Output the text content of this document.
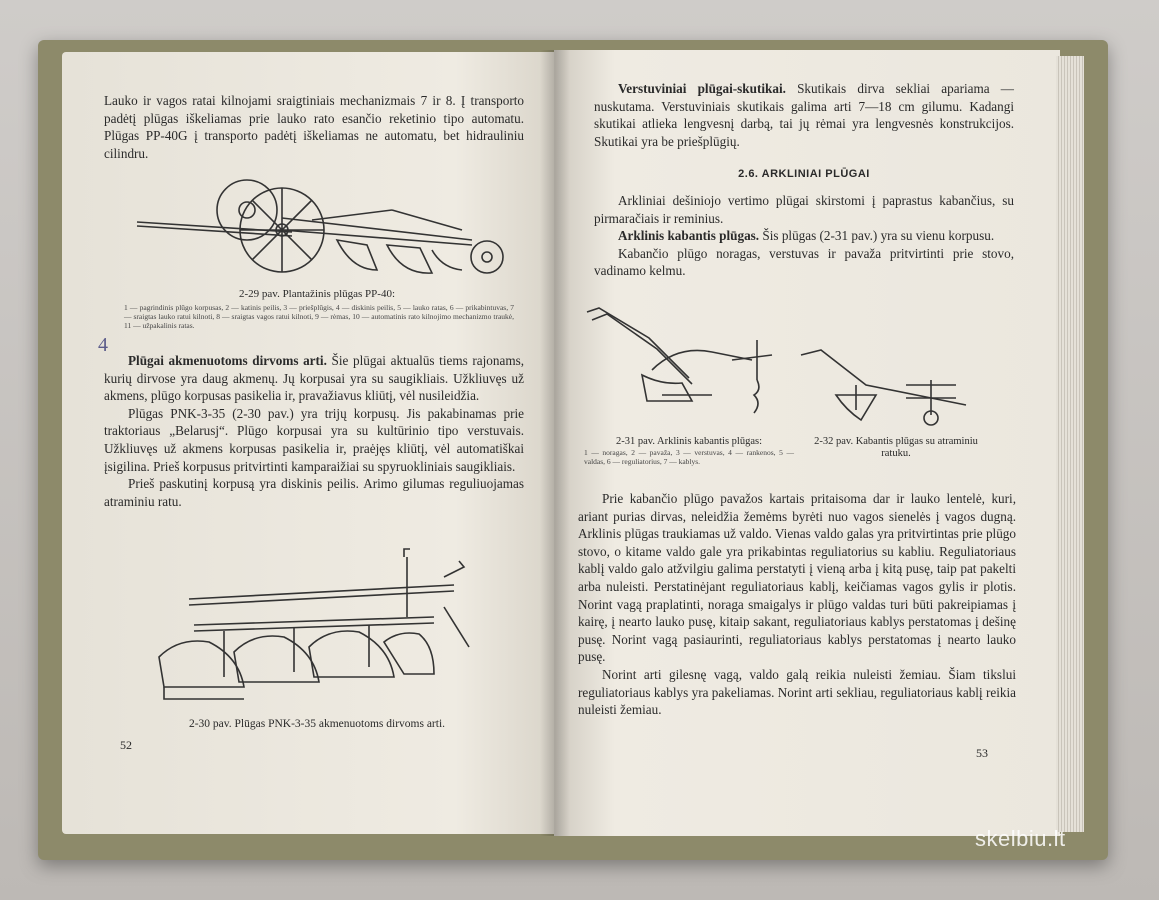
Lauko ir vagos ratai kilnojami sraigtiniais mechanizmais 7 ir 8. Į transporto padėtį plūgas iškeliamas prie lauko rato esančio reketinio tipo automatu. Plūgas PP-40G į transporto padėtį iškeliamas ne automatu, bet hidrauliniu cilindru.

2-29 pav. Plantažinis plūgas PP-40:
1 — pagrindinis plūgo korpusas, 2 — katinis peilis, 3 — priešplūgis, 4 — diskinis peilis, 5 — lauko ratas, 6 — prikabintuvas, 7 — sraigtas lauko ratui kilnoti, 8 — sraigtas vagos ratui kilnoti, 9 — rėmas, 10 — automatinis rato kilnojimo mechanizmo traukė, 11 — užpakalinis ratas.
4

Plūgai akmenuotoms dirvoms arti. Šie plūgai aktualūs tiems rajonams, kurių dirvose yra daug akmenų. Jų korpusai yra su saugikliais. Užkliuvęs už akmens, plūgo korpusas pasikelia ir, pravažiavus kliūtį, vėl nusileidžia.

Plūgas PNK-3-35 (2-30 pav.) yra trijų korpusų. Jis pakabinamas prie traktoriaus „Belarusj“. Plūgo korpusai yra su kultūrinio tipo verstuvais. Užkliuvęs už akmens korpusas pasikelia ir, praėjęs kliūtį, vėl automatiškai įsigilina. Prieš korpusus pritvirtinti kamparaižiai su spyruokliniais saugikliais.

Prieš paskutinį korpusą yra diskinis peilis. Arimo gilumas reguliuojamas atraminiu ratu.

2-30 pav. Plūgas PNK-3-35 akmenuotoms dirvoms arti.
52

Verstuviniai plūgai-skutikai. Skutikais dirva sekliai apariama — nuskutama. Verstuviniais skutikais galima arti 7—18 cm gilumu. Kadangi skutikai atlieka lengvesnį darbą, tai jų rėmai yra lengvesnės konstrukcijos. Skutikai yra be priešplūgių.

2.6. ARKLINIAI PLŪGAI

Arkliniai dešiniojo vertimo plūgai skirstomi į paprastus kabančius, su pirmaračiais ir reminius.

Arklinis kabantis plūgas. Šis plūgas (2-31 pav.) yra su vienu korpusu.

Kabančio plūgo noragas, verstuvas ir pavaža pritvirtinti prie stovo, vadinamo kelmu.

2-31 pav. Arklinis kabantis plūgas:
1 — noragas, 2 — pavaža, 3 — verstuvas, 4 — rankenos, 5 — valdas, 6 — reguliatorius, 7 — kablys.
2-32 pav. Kabantis plūgas su atraminiu ratuku.

Prie kabančio plūgo pavažos kartais pritaisoma dar ir lauko lentelė, kuri, ariant purias dirvas, neleidžia žemėms byrėti nuo vagos sienelės į vagos dugną. Arklinis plūgas traukiamas už valdo. Vienas valdo galas yra pritvirtintas prie plūgo stovo, o kitame valdo gale yra prikabintas reguliatorius su kabliu. Reguliatoriaus kablį valdo galo atžvilgiu galima perstatyti į vieną arba į kitą pusę, taip pat pakelti arba nuleisti. Perstatinėjant reguliatoriaus kablį, keičiamas vagos gylis ir plotis. Norint vagą praplatinti, noraga smaigalys ir plūgo valdas turi būti pakreipiamas į kairę, į nearto lauko pusę, kitaip sakant, reguliatoriaus kablys perstatomas į dešinę pusę. Norint vagą pasiaurinti, reguliatoriaus kablys perstatomas į nearto lauko pusę.

Norint arti gilesnę vagą, valdo galą reikia nuleisti žemiau. Šiam tikslui reguliatoriaus kablys yra pakeliamas. Norint arti sekliau, reguliatoriaus kablį reikia nuleisti žemiau.

53
skelbiu.lt
